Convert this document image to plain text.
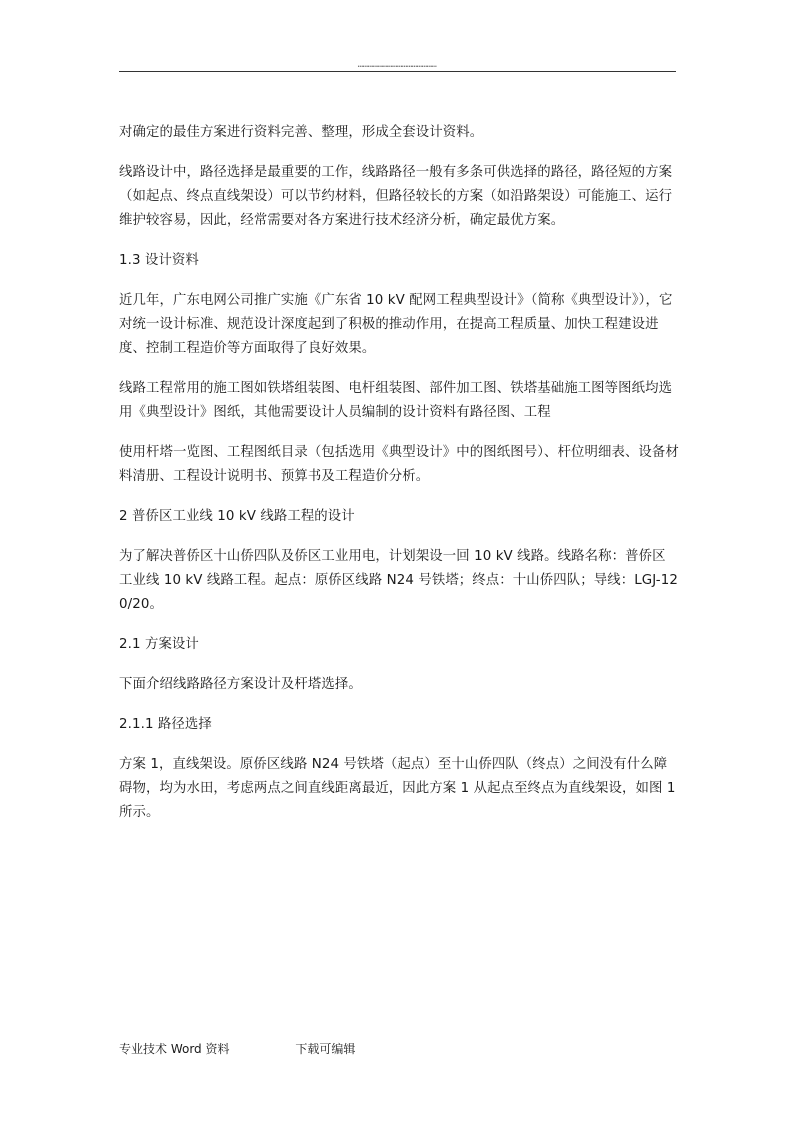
…………………………………………

对确定的最佳方案进行资料完善、整理，形成全套设计资料。

线路设计中，路径选择是最重要的工作，线路路径一般有多条可供选择的路径，路径短的方案（如起点、终点直线架设）可以节约材料，但路径较长的方案（如沿路架设）可能施工、运行维护较容易，因此，经常需要对各方案进行技术经济分析，确定最优方案。

1.3 设计资料

近几年，广东电网公司推广实施《广东省 10 kV 配网工程典型设计》（简称《典型设计》），它对统一设计标准、规范设计深度起到了积极的推动作用，在提高工程质量、加快工程建设进度、控制工程造价等方面取得了良好效果。

线路工程常用的施工图如铁塔组装图、电杆组装图、部件加工图、铁塔基础施工图等图纸均选用《典型设计》图纸，其他需要设计人员编制的设计资料有路径图、工程

使用杆塔一览图、工程图纸目录（包括选用《典型设计》中的图纸图号）、杆位明细表、设备材料清册、工程设计说明书、预算书及工程造价分析。

2 普侨区工业线 10 kV 线路工程的设计

为了解决普侨区十山侨四队及侨区工业用电，计划架设一回 10 kV 线路。线路名称：普侨区工业线 10 kV 线路工程。起点：原侨区线路 N24 号铁塔；终点：十山侨四队；导线：LGJ-120/20。

2.1 方案设计

下面介绍线路路径方案设计及杆塔选择。

2.1.1 路径选择

方案 1，直线架设。原侨区线路 N24 号铁塔（起点）至十山侨四队（终点）之间没有什么障碍物，均为水田，考虑两点之间直线距离最近，因此方案 1 从起点至终点为直线架设，如图 1 所示。

专业技术 Word 资料	下载可编辑
